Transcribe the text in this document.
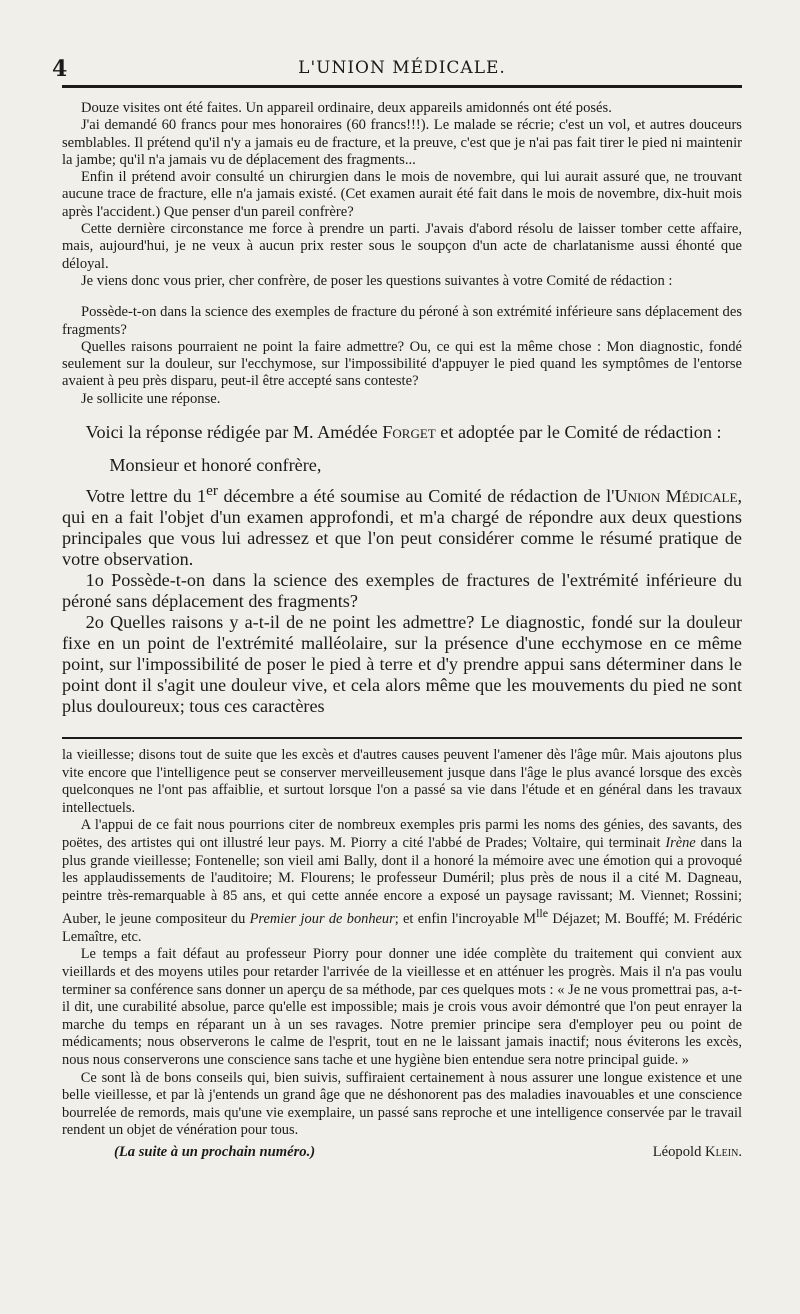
4	L'UNION MÉDICALE.

Douze visites ont été faites. Un appareil ordinaire, deux appareils amidonnés ont été posés.

J'ai demandé 60 francs pour mes honoraires (60 francs!!!). Le malade se récrie; c'est un vol, et autres douceurs semblables. Il prétend qu'il n'y a jamais eu de fracture, et la preuve, c'est que je n'ai pas fait tirer le pied ni maintenir la jambe; qu'il n'a jamais vu de déplacement des fragments...

Enfin il prétend avoir consulté un chirurgien dans le mois de novembre, qui lui aurait assuré que, ne trouvant aucune trace de fracture, elle n'a jamais existé. (Cet examen aurait été fait dans le mois de novembre, dix-huit mois après l'accident.) Que penser d'un pareil confrère?

Cette dernière circonstance me force à prendre un parti. J'avais d'abord résolu de laisser tomber cette affaire, mais, aujourd'hui, je ne veux à aucun prix rester sous le soupçon d'un acte de charlatanisme aussi éhonté que déloyal.

Je viens donc vous prier, cher confrère, de poser les questions suivantes à votre Comité de rédaction :

Possède-t-on dans la science des exemples de fracture du péroné à son extrémité inférieure sans déplacement des fragments?

Quelles raisons pourraient ne point la faire admettre? Ou, ce qui est la même chose : Mon diagnostic, fondé seulement sur la douleur, sur l'ecchymose, sur l'impossibilité d'appuyer le pied quand les symptômes de l'entorse avaient à peu près disparu, peut-il être accepté sans conteste?

Je sollicite une réponse.

Voici la réponse rédigée par M. Amédée Forget et adoptée par le Comité de rédaction :

Monsieur et honoré confrère,

Votre lettre du 1er décembre a été soumise au Comité de rédaction de l'Union Médicale, qui en a fait l'objet d'un examen approfondi, et m'a chargé de répondre aux deux questions principales que vous lui adressez et que l'on peut considérer comme le résumé pratique de votre observation.

1o Possède-t-on dans la science des exemples de fractures de l'extrémité inférieure du péroné sans déplacement des fragments?

2o Quelles raisons y a-t-il de ne point les admettre? Le diagnostic, fondé sur la douleur fixe en un point de l'extrémité malléolaire, sur la présence d'une ecchymose en ce même point, sur l'impossibilité de poser le pied à terre et d'y prendre appui sans déterminer dans le point dont il s'agit une douleur vive, et cela alors même que les mouvements du pied ne sont plus douloureux; tous ces caractères

la vieillesse; disons tout de suite que les excès et d'autres causes peuvent l'amener dès l'âge mûr. Mais ajoutons plus vite encore que l'intelligence peut se conserver merveilleusement jusque dans l'âge le plus avancé lorsque des excès quelconques ne l'ont pas affaiblie, et surtout lorsque l'on a passé sa vie dans l'étude et en général dans les travaux intellectuels.

A l'appui de ce fait nous pourrions citer de nombreux exemples pris parmi les noms des génies, des savants, des poëtes, des artistes qui ont illustré leur pays. M. Piorry a cité l'abbé de Prades; Voltaire, qui terminait Irène dans la plus grande vieillesse; Fontenelle; son vieil ami Bally, dont il a honoré la mémoire avec une émotion qui a provoqué les applaudissements de l'auditoire; M. Flourens; le professeur Duméril; plus près de nous il a cité M. Dagneau, peintre très-remarquable à 85 ans, et qui cette année encore a exposé un paysage ravissant; M. Viennet; Rossini; Auber, le jeune compositeur du Premier jour de bonheur; et enfin l'incroyable $M^{lle}$ Déjazet; M. Bouffé; M. Frédéric Lemaître, etc.

Le temps a fait défaut au professeur Piorry pour donner une idée complète du traitement qui convient aux vieillards et des moyens utiles pour retarder l'arrivée de la vieillesse et en atténuer les progrès. Mais il n'a pas voulu terminer sa conférence sans donner un aperçu de sa méthode, par ces quelques mots : « Je ne vous promettrai pas, a-t-il dit, une curabilité absolue, parce qu'elle est impossible; mais je crois vous avoir démontré que l'on peut enrayer la marche du temps en réparant un à un ses ravages. Notre premier principe sera d'employer peu ou point de médicaments; nous observerons le calme de l'esprit, tout en ne le laissant jamais inactif; nous éviterons les excès, nous nous conserverons une conscience sans tache et une hygiène bien entendue sera notre principal guide. »

Ce sont là de bons conseils qui, bien suivis, suffiraient certainement à nous assurer une longue existence et une belle vieillesse, et par là j'entends un grand âge que ne déshonorent pas des maladies inavouables et une conscience bourrelée de remords, mais qu'une vie exemplaire, un passé sans reproche et une intelligence conservée par le travail rendent un objet de vénération pour tous.

(La suite à un prochain numéro.)	Léopold Klein.
